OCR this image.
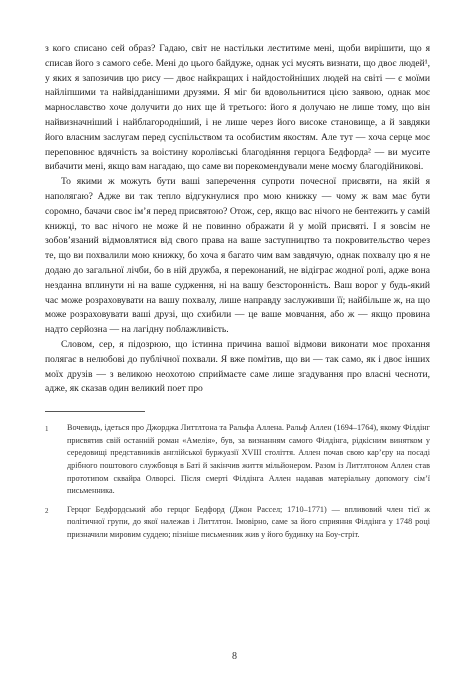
з кого списано сей образ? Гадаю, світ не настільки леститиме мені, щоби вирішити, що я списав його з самого себе. Мені до цього байдуже, однак усі мусять визнати, що двоє людей¹, у яких я запозичив цю рису — двоє найкращих і найдостойніших людей на світі — є моїми найліпшими та найвідданішими друзями. Я міг би вдовольнитися цією заявою, однак моє марнославство хоче долучити до них ще й третього: його я долучаю не лише тому, що він найвизначніший і найблагородніший, і не лише через його високе становище, а й завдяки його власним заслугам перед суспільством та особистим якостям. Але тут — хоча серце моє переповнює вдячність за воістину королівські благодіяння герцога Бедфорда² — ви мусите вибачити мені, якщо вам нагадаю, що саме ви порекомендували мене моєму благодійникові.

То якими ж можуть бути ваші заперечення супроти почесної присвяти, на якій я наполягаю? Адже ви так тепло відгукнулися про мою книжку — чому ж вам має бути соромно, бачачи своє ім’я перед присвятою? Отож, сер, якщо вас нічого не бентежить у самій книжці, то вас нічого не може й не повинно ображати й у моїй присвяті. І я зовсім не зобов’язаний відмовлятися від свого права на ваше заступництво та покровительство через те, що ви похвалили мою книжку, бо хоча я багато чим вам завдячую, однак похвалу цю я не додаю до загальної лічби, бо в ній дружба, я переконаний, не відіграє жодної ролі, адже вона незданна вплинути ні на ваше судження, ні на вашу безсторонність. Ваш ворог у будь-який час може розраховувати на вашу похвалу, лише направду заслуживши її; найбільше ж, на що може розраховувати ваші друзі, що схибили — це ваше мовчання, або ж — якщо провина надто серйозна — на лагідну поблажливість.

Словом, сер, я підозрюю, що істинна причина вашої відмови виконати моє прохання полягає в нелюбові до публічної похвали. Я вже помітив, що ви — так само, як і двоє інших моїх друзів — з великою неохотою сприймаєте саме лише згадування про власні чесноти, адже, як сказав один великий поет про

1	Вочевидь, ідеться про Джорджа Литтлтона та Ральфа Аллена. Ральф Аллен (1694–1764), якому Філдінг присвятив свій останній роман «Амелія», був, за визнанням самого Філдінга, рідкісним винятком у середовищі представників англійської буржуазії XVIII століття. Аллен почав свою кар’єру на посаді дрібного поштового службовця в Баті й закінчив життя мільйонером. Разом із Литтлтоном Аллен став прототипом сквайра Олворсі. Після смерті Філдінга Аллен надавав матеріальну допомогу сім’ї письменника.
2	Герцог Бедфордський або герцог Бедфорд (Джон Рассел; 1710–1771) — впливовий член тієї ж політичної групи, до якої належав і Литтлтон. Імовірно, саме за його сприяння Філдінга у 1748 році призначили мировим суддею; пізніше письменник жив у його будинку на Боу-стріт.
8
